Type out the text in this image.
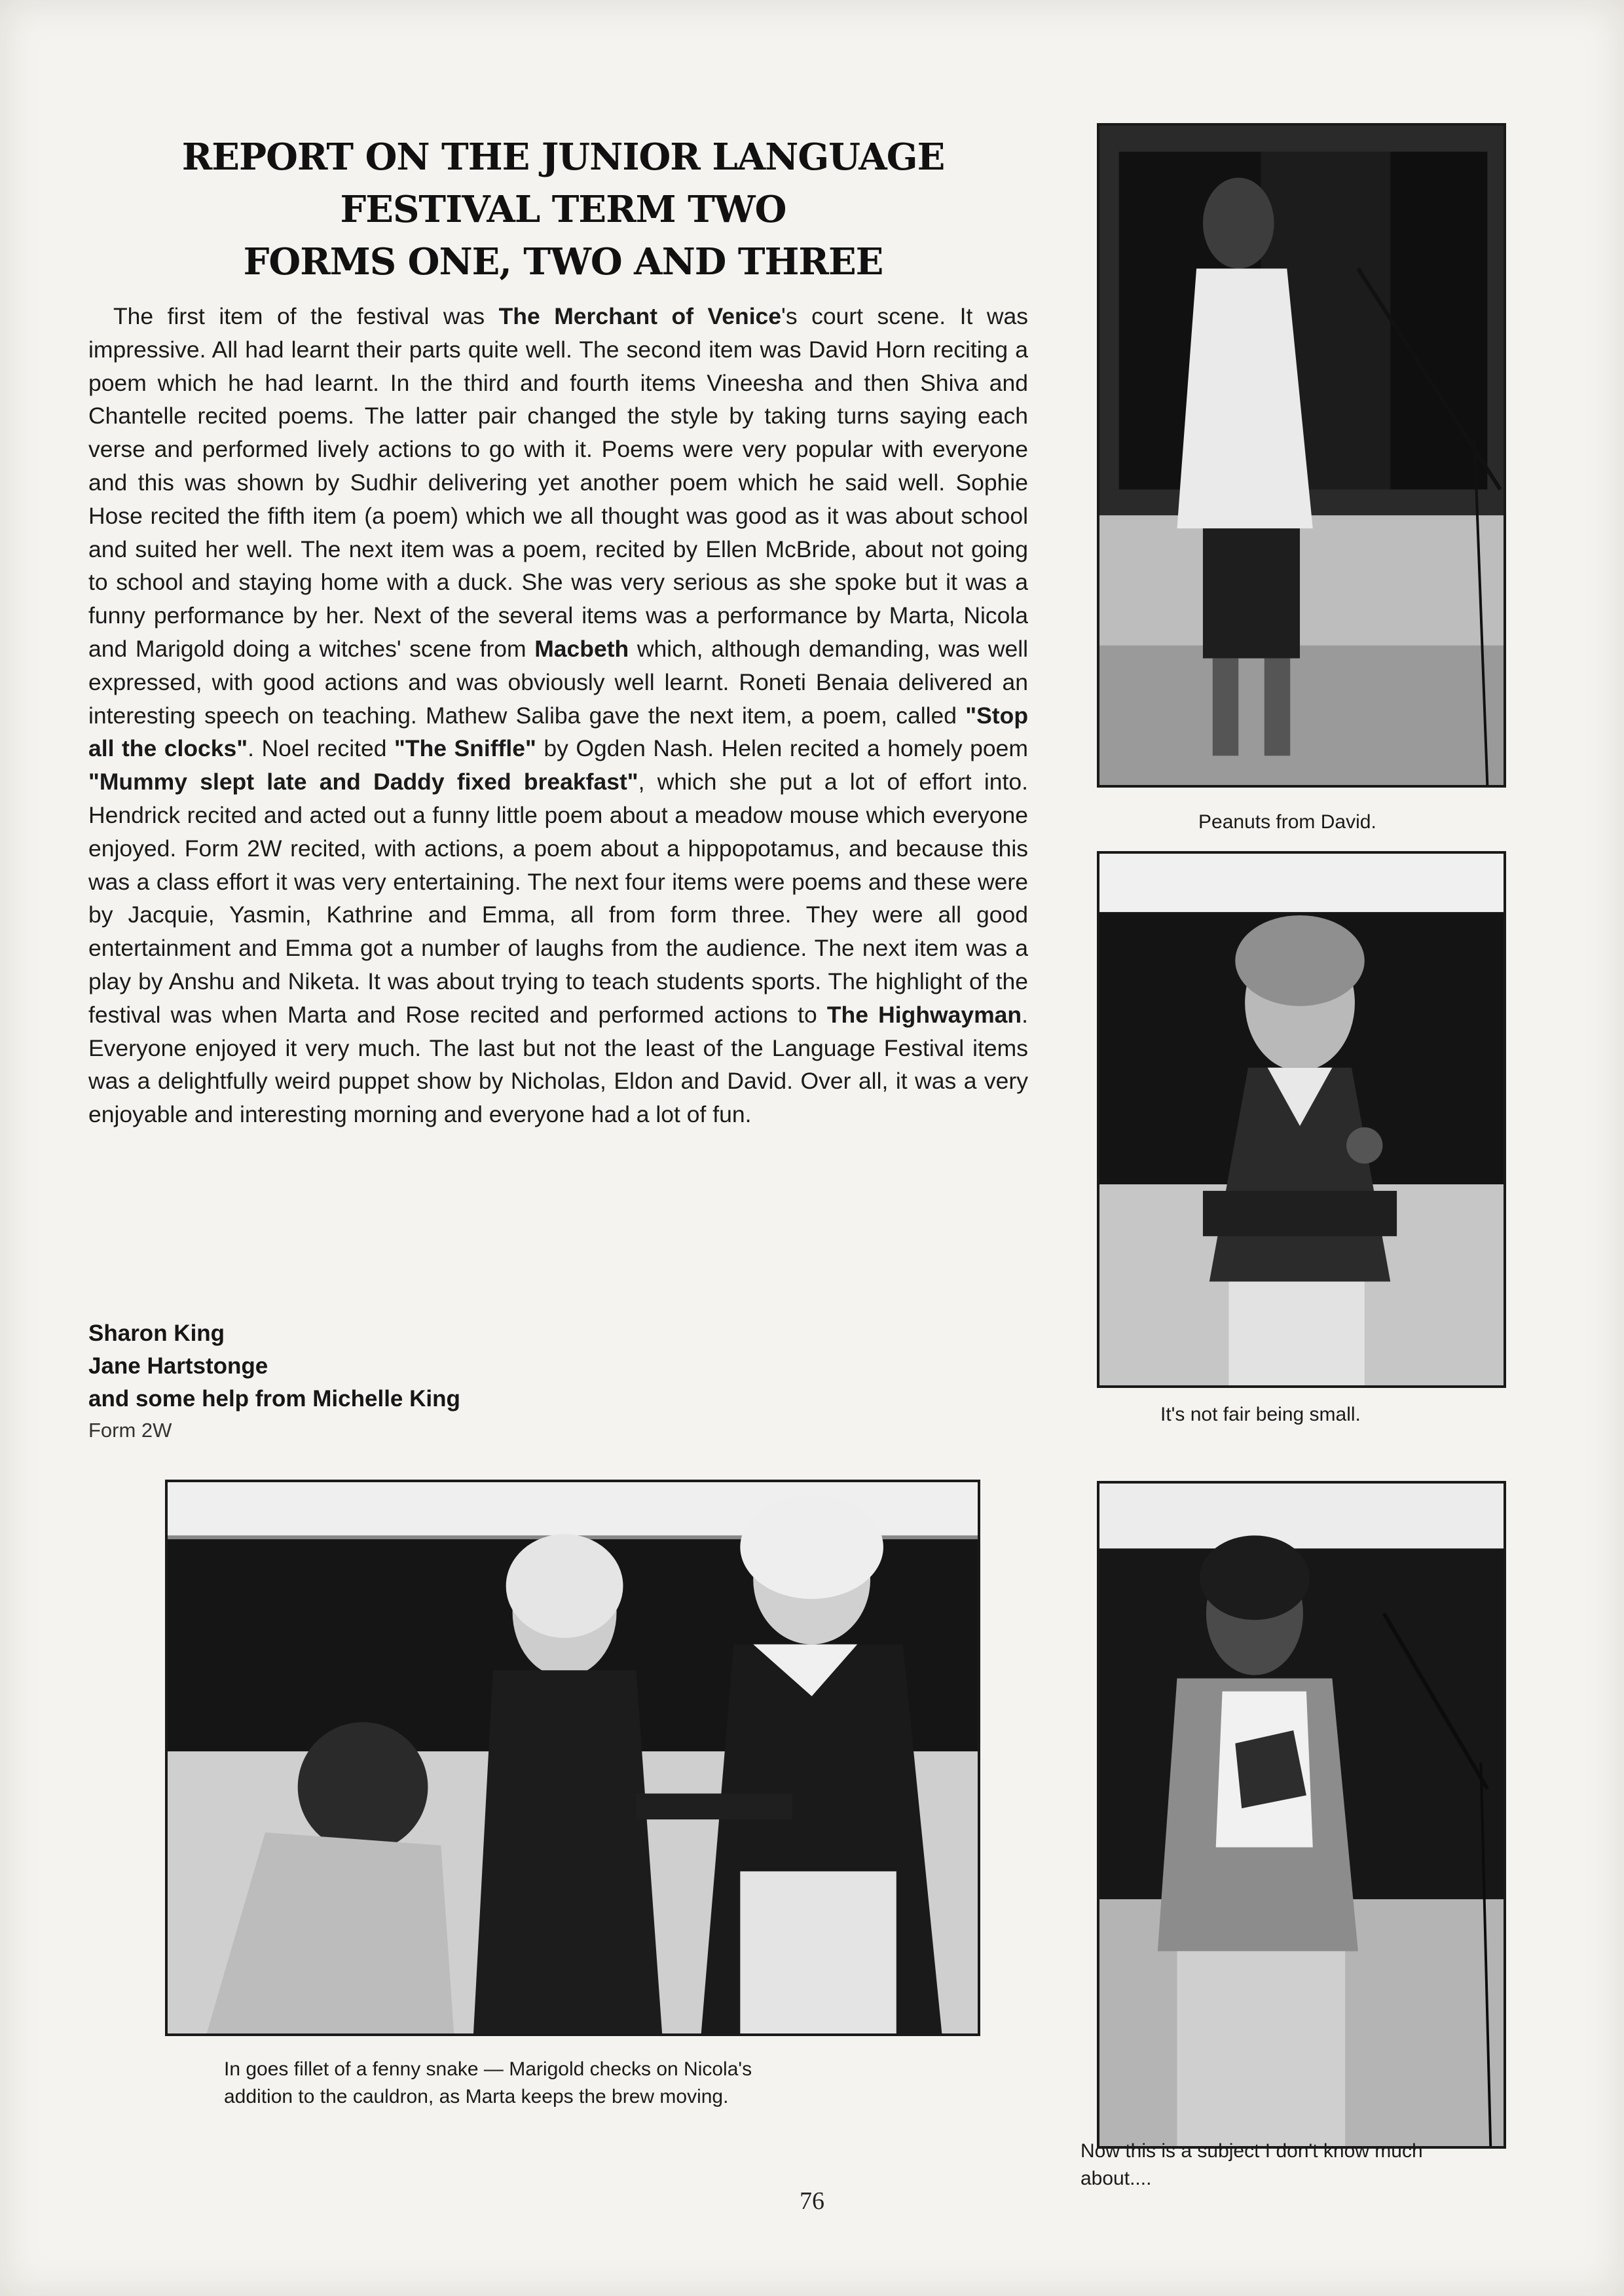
REPORT ON THE JUNIOR LANGUAGE
FESTIVAL TERM TWO
FORMS ONE, TWO AND THREE

The first item of the festival was The Merchant of Venice's court scene. It was impressive. All had learnt their parts quite well. The second item was David Horn reciting a poem which he had learnt. In the third and fourth items Vineesha and then Shiva and Chantelle recited poems. The latter pair changed the style by taking turns saying each verse and performed lively actions to go with it. Poems were very popular with everyone and this was shown by Sudhir delivering yet another poem which he said well. Sophie Hose recited the fifth item (a poem) which we all thought was good as it was about school and suited her well. The next item was a poem, recited by Ellen McBride, about not going to school and staying home with a duck. She was very serious as she spoke but it was a funny performance by her. Next of the several items was a performance by Marta, Nicola and Marigold doing a witches' scene from Macbeth which, although demanding, was well expressed, with good actions and was obviously well learnt. Roneti Benaia delivered an interesting speech on teaching. Mathew Saliba gave the next item, a poem, called "Stop all the clocks". Noel recited "The Sniffle" by Ogden Nash. Helen recited a homely poem "Mummy slept late and Daddy fixed breakfast", which she put a lot of effort into. Hendrick recited and acted out a funny little poem about a meadow mouse which everyone enjoyed. Form 2W recited, with actions, a poem about a hippopotamus, and because this was a class effort it was very entertaining. The next four items were poems and these were by Jacquie, Yasmin, Kathrine and Emma, all from form three. They were all good entertainment and Emma got a number of laughs from the audience. The next item was a play by Anshu and Niketa. It was about trying to teach students sports. The highlight of the festival was when Marta and Rose recited and performed actions to The Highwayman. Everyone enjoyed it very much. The last but not the least of the Language Festival items was a delightfully weird puppet show by Nicholas, Eldon and David. Over all, it was a very enjoyable and interesting morning and everyone had a lot of fun.

Sharon King
Jane Hartstonge
and some help from Michelle King
Form 2W
Peanuts from David.
It's not fair being small.
In goes fillet of a fenny snake — Marigold checks on Nicola's
addition to the cauldron, as Marta keeps the brew moving.
Now this is a subject I don't know much
about....
76
